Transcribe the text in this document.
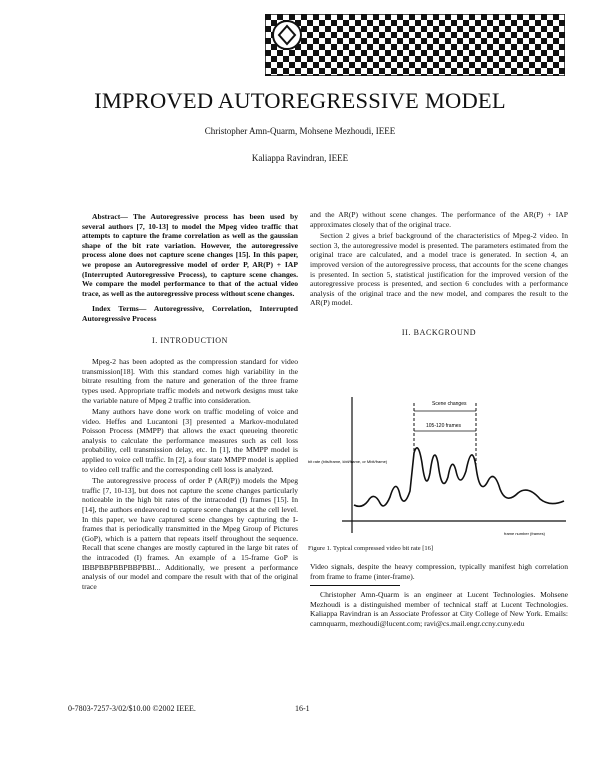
IMPROVED AUTOREGRESSIVE MODEL
Christopher Amn-Quarm, Mohsene Mezhoudi, IEEE
Kaliappa Ravindran, IEEE

Abstract— The Autoregressive process has been used by several authors [7, 10-13] to model the Mpeg video traffic that attempts to capture the frame correlation as well as the gaussian shape of the bit rate variation. However, the autoregressive process alone does not capture scene changes [15]. In this paper, we propose an Autoregressive model of order P, AR(P) + IAP (Interrupted Autoregressive Process), to capture scene changes. We compare the model performance to that of the actual video trace, as well as the autoregressive process without scene changes.

Index Terms— Autoregressive, Correlation, Interrupted Autoregressive Process

I. INTRODUCTION

Mpeg-2 has been adopted as the compression standard for video transmission[18]. With this standard comes high variability in the bitrate resulting from the nature and generation of the three frame types used. Appropriate traffic models and network designs must take the variable nature of Mpeg 2 traffic into consideration.

Many authors have done work on traffic modeling of voice and video. Heffes and Lucantoni [3] presented a Markov-modulated Poisson Process (MMPP) that allows the exact queueing theoretic analysis to calculate the performance measures such as cell loss probability, cell transmission delay, etc. In [1], the MMPP model is applied to voice cell traffic. In [2], a four state MMPP model is applied to video cell traffic and the corresponding cell loss is analyzed.

The autoregressive process of order P (AR(P)) models the Mpeg traffic [7, 10-13], but does not capture the scene changes particularly noticeable in the high bit rates of the intracoded (I) frames [15]. In [14], the authors endeavored to capture scene changes at the cell level. In this paper, we have captured scene changes by capturing the I-frames that is periodically transmitted in the Mpeg Group of Pictures (GoP), which is a pattern that repeats itself throughout the sequence. Recall that scene changes are mostly captured in the large bit rates of the intracoded (I) frames. An example of a 15-frame GoP is IBBPBBPBBPBBPBBI... Additionally, we present a performance analysis of our model and compare the result with that of the original trace

and the AR(P) without scene changes. The performance of the AR(P) + IAP approximates closely that of the original trace.

Section 2 gives a brief background of the characteristics of Mpeg-2 video. In section 3, the autoregressive model is presented. The parameters estimated from the original trace are calculated, and a model trace is generated. In section 4, an improved version of the autoregressive process, that accounts for the scene changes is presented. In section 5, statistical justification for the improved version of the autoregressive process is presented, and section 6 concludes with a performance analysis of the original trace and the new model, and compares the result to the AR(P) model.

II. BACKGROUND

Scene changes
105-120 frames
bit rate (bits/frame, kbit/frame, or Mbit/frame)
frame number (frames)
Figure 1. Typical compressed video bit rate [16]

Video signals, despite the heavy compression, typically manifest high correlation from frame to frame (inter-frame).

Christopher Amn-Quarm is an engineer at Lucent Technologies. Mohsene Mezhoudi is a distinguished member of technical staff at Lucent Technologies. Kaliappa Ravindran is an Associate Professor at City College of New York. Emails: camnquarm, mezhoudi@lucent.com; ravi@cs.mail.engr.ccny.cuny.edu

0-7803-7257-3/02/$10.00 ©2002 IEEE.	16-1
